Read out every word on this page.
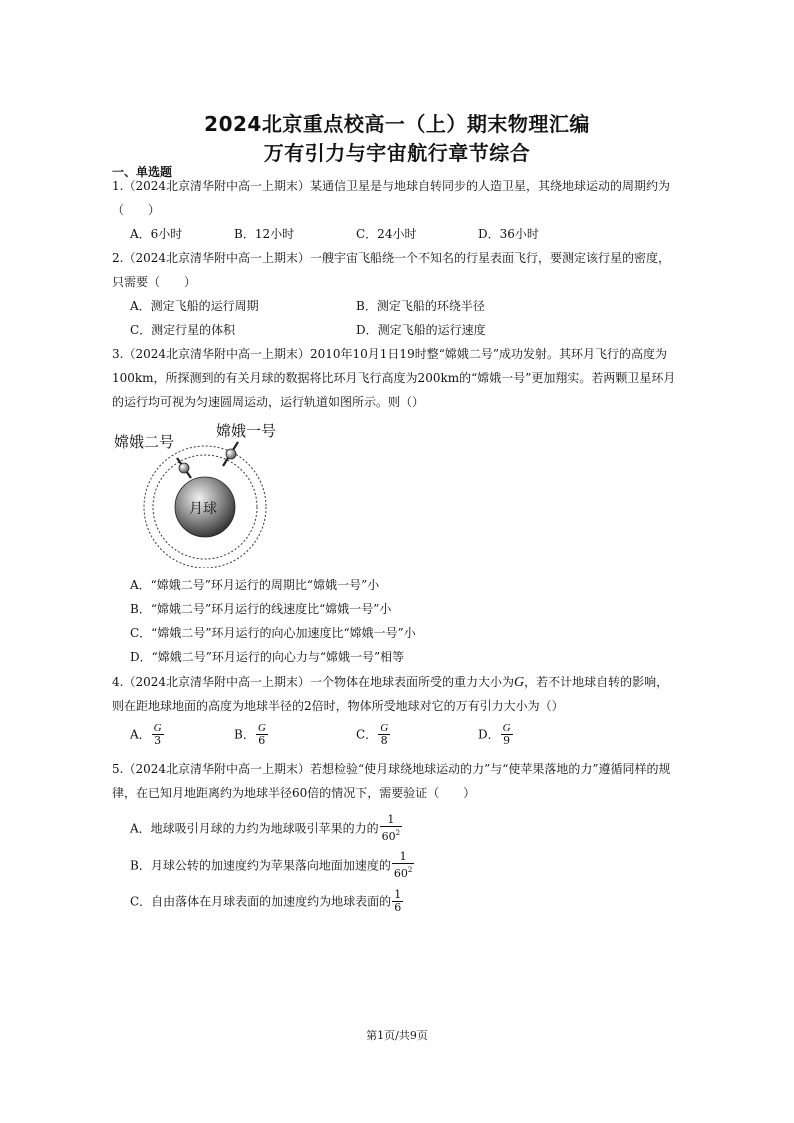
2024北京重点校高一（上）期末物理汇编
万有引力与宇宙航行章节综合
一、单选题
1.（2024北京清华附中高一上期末）某通信卫星是与地球自转同步的人造卫星，其绕地球运动的周期约为
（　　）
A．6小时	B．12小时	C．24小时	D．36小时
2.（2024北京清华附中高一上期末）一艘宇宙飞船绕一个不知名的行星表面飞行，要测定该行星的密度，
只需要（　　）
A．测定飞船的运行周期	B．测定飞船的环绕半径
C．测定行星的体积	D．测定飞船的运行速度
3.（2024北京清华附中高一上期末）2010年10月1日19时整“嫦娥二号”成功发射。其环月飞行的高度为
100km，所探测到的有关月球的数据将比环月飞行高度为200km的“嫦娥一号”更加翔实。若两颗卫星环月
的运行均可视为匀速圆周运动，运行轨道如图所示。则（）
嫦娥二号
嫦娥一号
月球
A．“嫦娥二号”环月运行的周期比“嫦娥一号”小
B．“嫦娥二号”环月运行的线速度比“嫦娥一号”小
C．“嫦娥二号”环月运行的向心加速度比“嫦娥一号”小
D．“嫦娥二号”环月运行的向心力与“嫦娥一号”相等
4.（2024北京清华附中高一上期末）一个物体在地球表面所受的重力大小为G，若不计地球自转的影响，
则在距地球地面的高度为地球半径的2倍时，物体所受地球对它的万有引力大小为（）
A． $\frac{G}{3}$	B． $\frac{G}{6}$	C． $\frac{G}{8}$	D． $\frac{G}{9}$
5.（2024北京清华附中高一上期末）若想检验“使月球绕地球运动的力”与“使苹果落地的力”遵循同样的规
律，在已知月地距离约为地球半径60倍的情况下，需要验证（　　）
A．地球吸引月球的力约为地球吸引苹果的力的 $\frac{1}{60^2}$
B．月球公转的加速度约为苹果落向地面加速度的 $\frac{1}{60^2}$
C．自由落体在月球表面的加速度约为地球表面的 $\frac{1}{6}$
第1页/共9页
